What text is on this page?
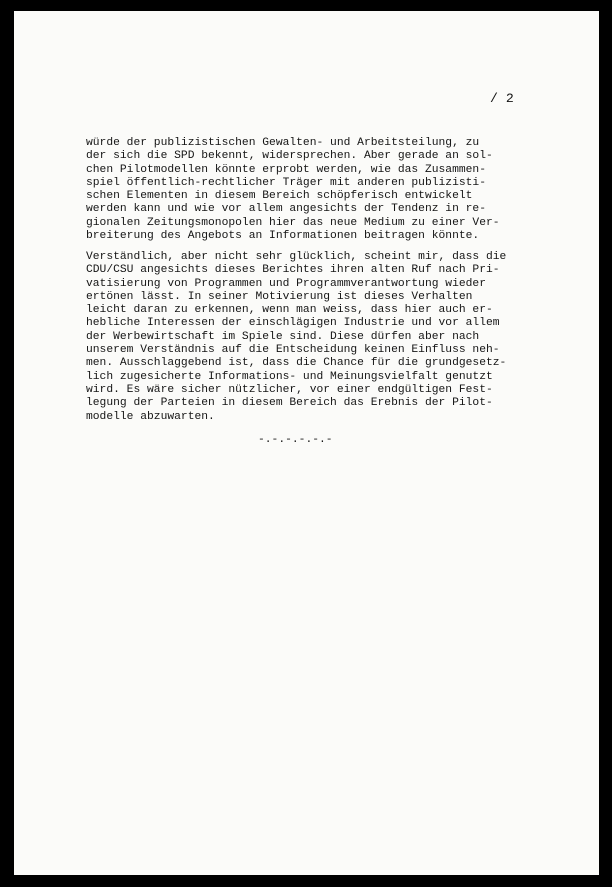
/ 2
würde der publizistischen Gewalten- und Arbeitsteilung, zu
der sich die SPD bekennt, widersprechen. Aber gerade an sol-
chen Pilotmodellen könnte erprobt werden, wie das Zusammen-
spiel öffentlich-rechtlicher Träger mit anderen publizisti-
schen Elementen in diesem Bereich schöpferisch entwickelt
werden kann und wie vor allem angesichts der Tendenz in re-
gionalen Zeitungsmonopolen hier das neue Medium zu einer Ver-
breiterung des Angebots an Informationen beitragen könnte.
Verständlich, aber nicht sehr glücklich, scheint mir, dass die
CDU/CSU angesichts dieses Berichtes ihren alten Ruf nach Pri-
vatisierung von Programmen und Programmverantwortung wieder
ertönen lässt. In seiner Motivierung ist dieses Verhalten
leicht daran zu erkennen, wenn man weiss, dass hier auch er-
hebliche Interessen der einschlägigen Industrie und vor allem
der Werbewirtschaft im Spiele sind. Diese dürfen aber nach
unserem Verständnis auf die Entscheidung keinen Einfluss neh-
men. Ausschlaggebend ist, dass die Chance für die grundgesetz-
lich zugesicherte Informations- und Meinungsvielfalt genutzt
wird. Es wäre sicher nützlicher, vor einer endgültigen Fest-
legung der Parteien in diesem Bereich das Erebnis der Pilot-
modelle abzuwarten.
-.-.-.-.-.-
